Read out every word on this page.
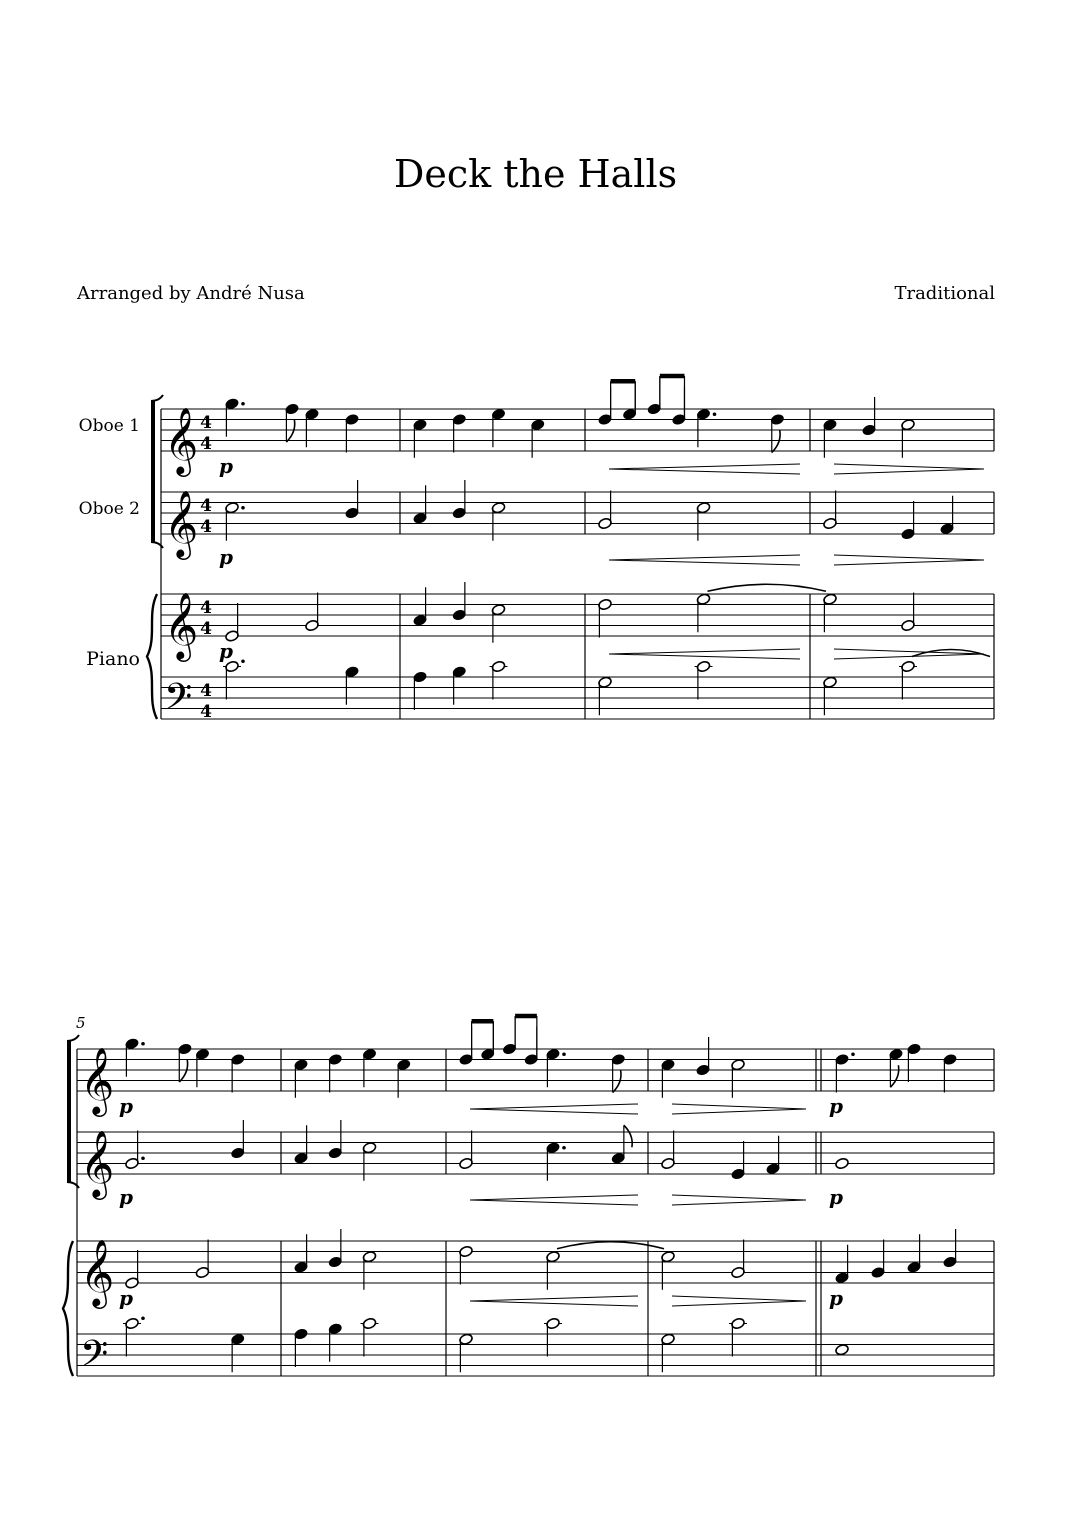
Deck the Halls
Arranged by André Nusa	Traditional
Oboe 1
Oboe 2
Piano
5
𝄞 4
4
𝄞 4
4
𝄞 4
4
𝄢 4
4
p
p
p
𝄞
𝄞
𝄞
𝄢
p
p
p
p
p
p
